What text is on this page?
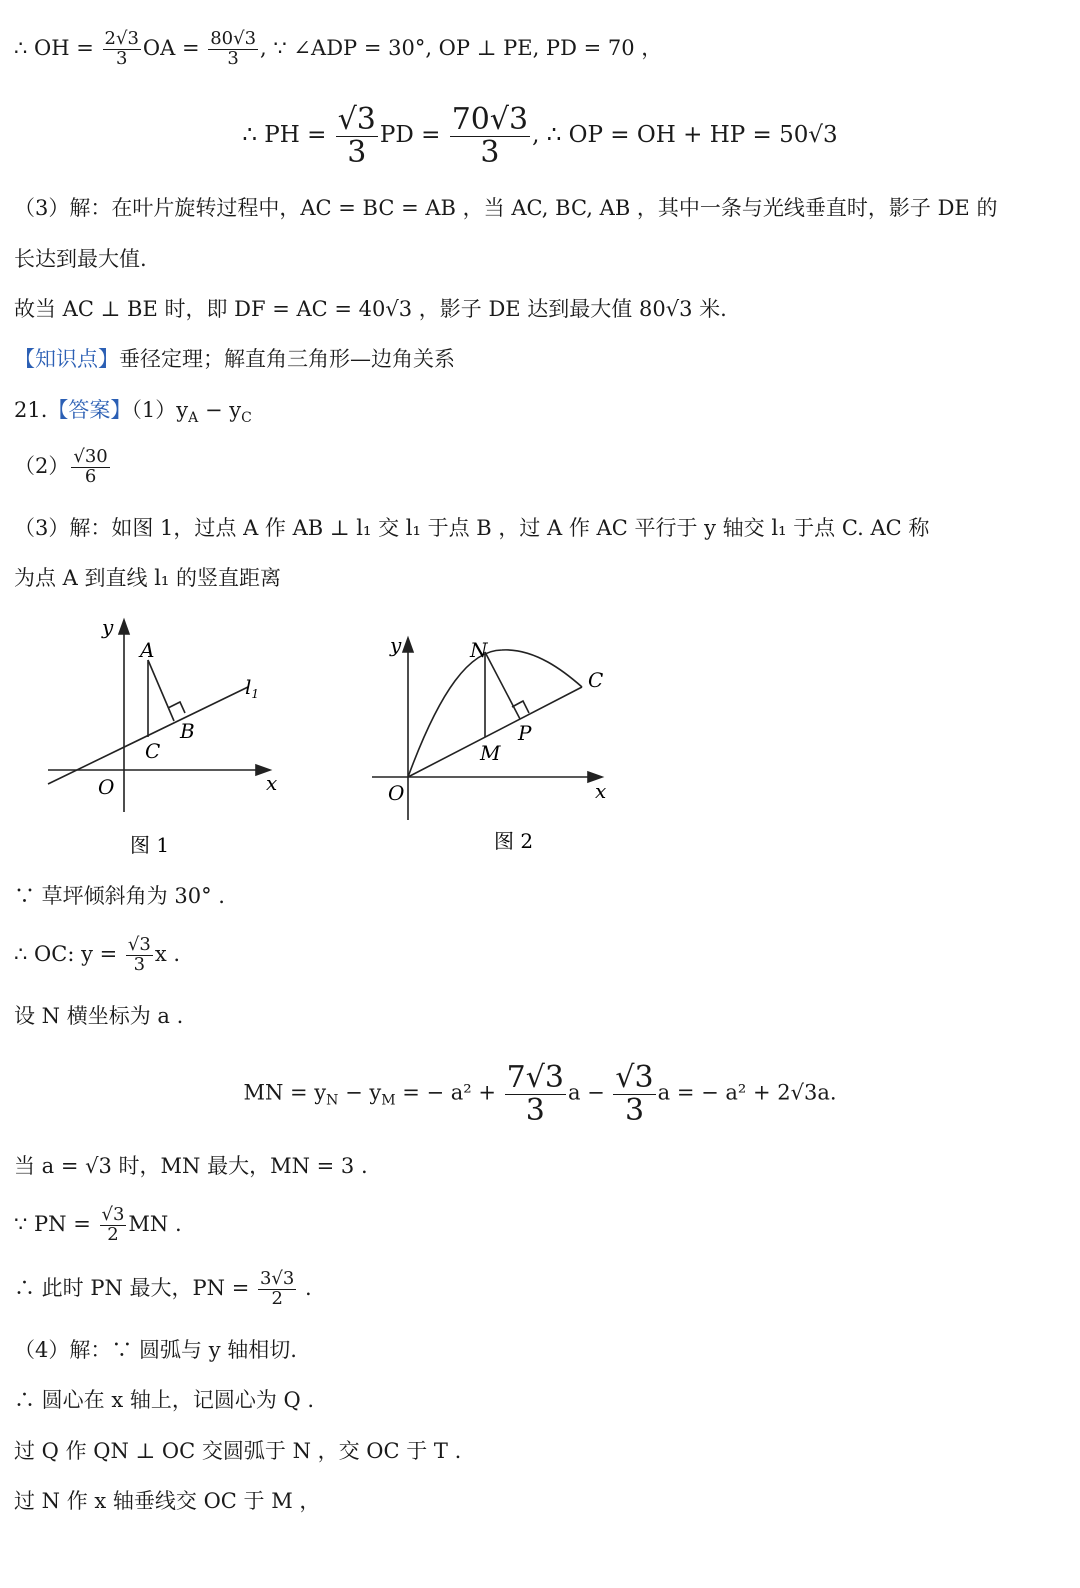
∴ OH = $\frac{2√3}{3}$ OA = $\frac{80√3}{3}$ , ∵ ∠ADP = 30°, OP ⊥ PE, PD = 70 ，
∴ PH = $\frac{√3}{3}$ PD = $\frac{70√3}{3}$ , ∴ OP = OH + HP = 50√3
（3）解：在叶片旋转过程中，AC = BC = AB ，当 AC, BC, AB ，其中一条与光线垂直时，影子 DE 的
长达到最大值.
故当 AC ⊥ BE 时，即 DF = AC = 40√3 ，影子 DE 达到最大值 80√3 米.
【知识点】垂径定理；解直角三角形—边角关系
21.【答案】$(1)y_A - y_C$
$(2) \frac{√30}{6}$
（3）解：如图 1，过点 A 作 AB ⊥ l₁ 交 l₁ 于点 B ，过 A 作 AC 平行于 y 轴交 l₁ 于点 C. AC 称
为点 A 到直线 l₁ 的竖直距离
A
B
C
$l_1$
y
x
O
图 1
N
M
P
C
y
x
O
图 2
∵ 草坪倾斜角为 30° .
∴ OC: $y = \frac{√3}{3}$ x .
设 N 横坐标为 a .
MN = $y_N - y_M$ = − $a^2 + \frac{7√3}{3}$ $a - \frac{√3}{3}$ a = − a² + 2√3a.
当 a = √3 时，MN 最大，MN = 3 .
∵ PN = $\frac{√3}{2}$ MN .
∴ 此时 PN 最大，PN = $\frac{3√3}{2}$ .
（4）解：∵ 圆弧与 y 轴相切.
∴ 圆心在 x 轴上，记圆心为 Q .
过 Q 作 QN ⊥ OC 交圆弧于 N ，交 OC 于 T .
过 N 作 x 轴垂线交 OC 于 M ，
